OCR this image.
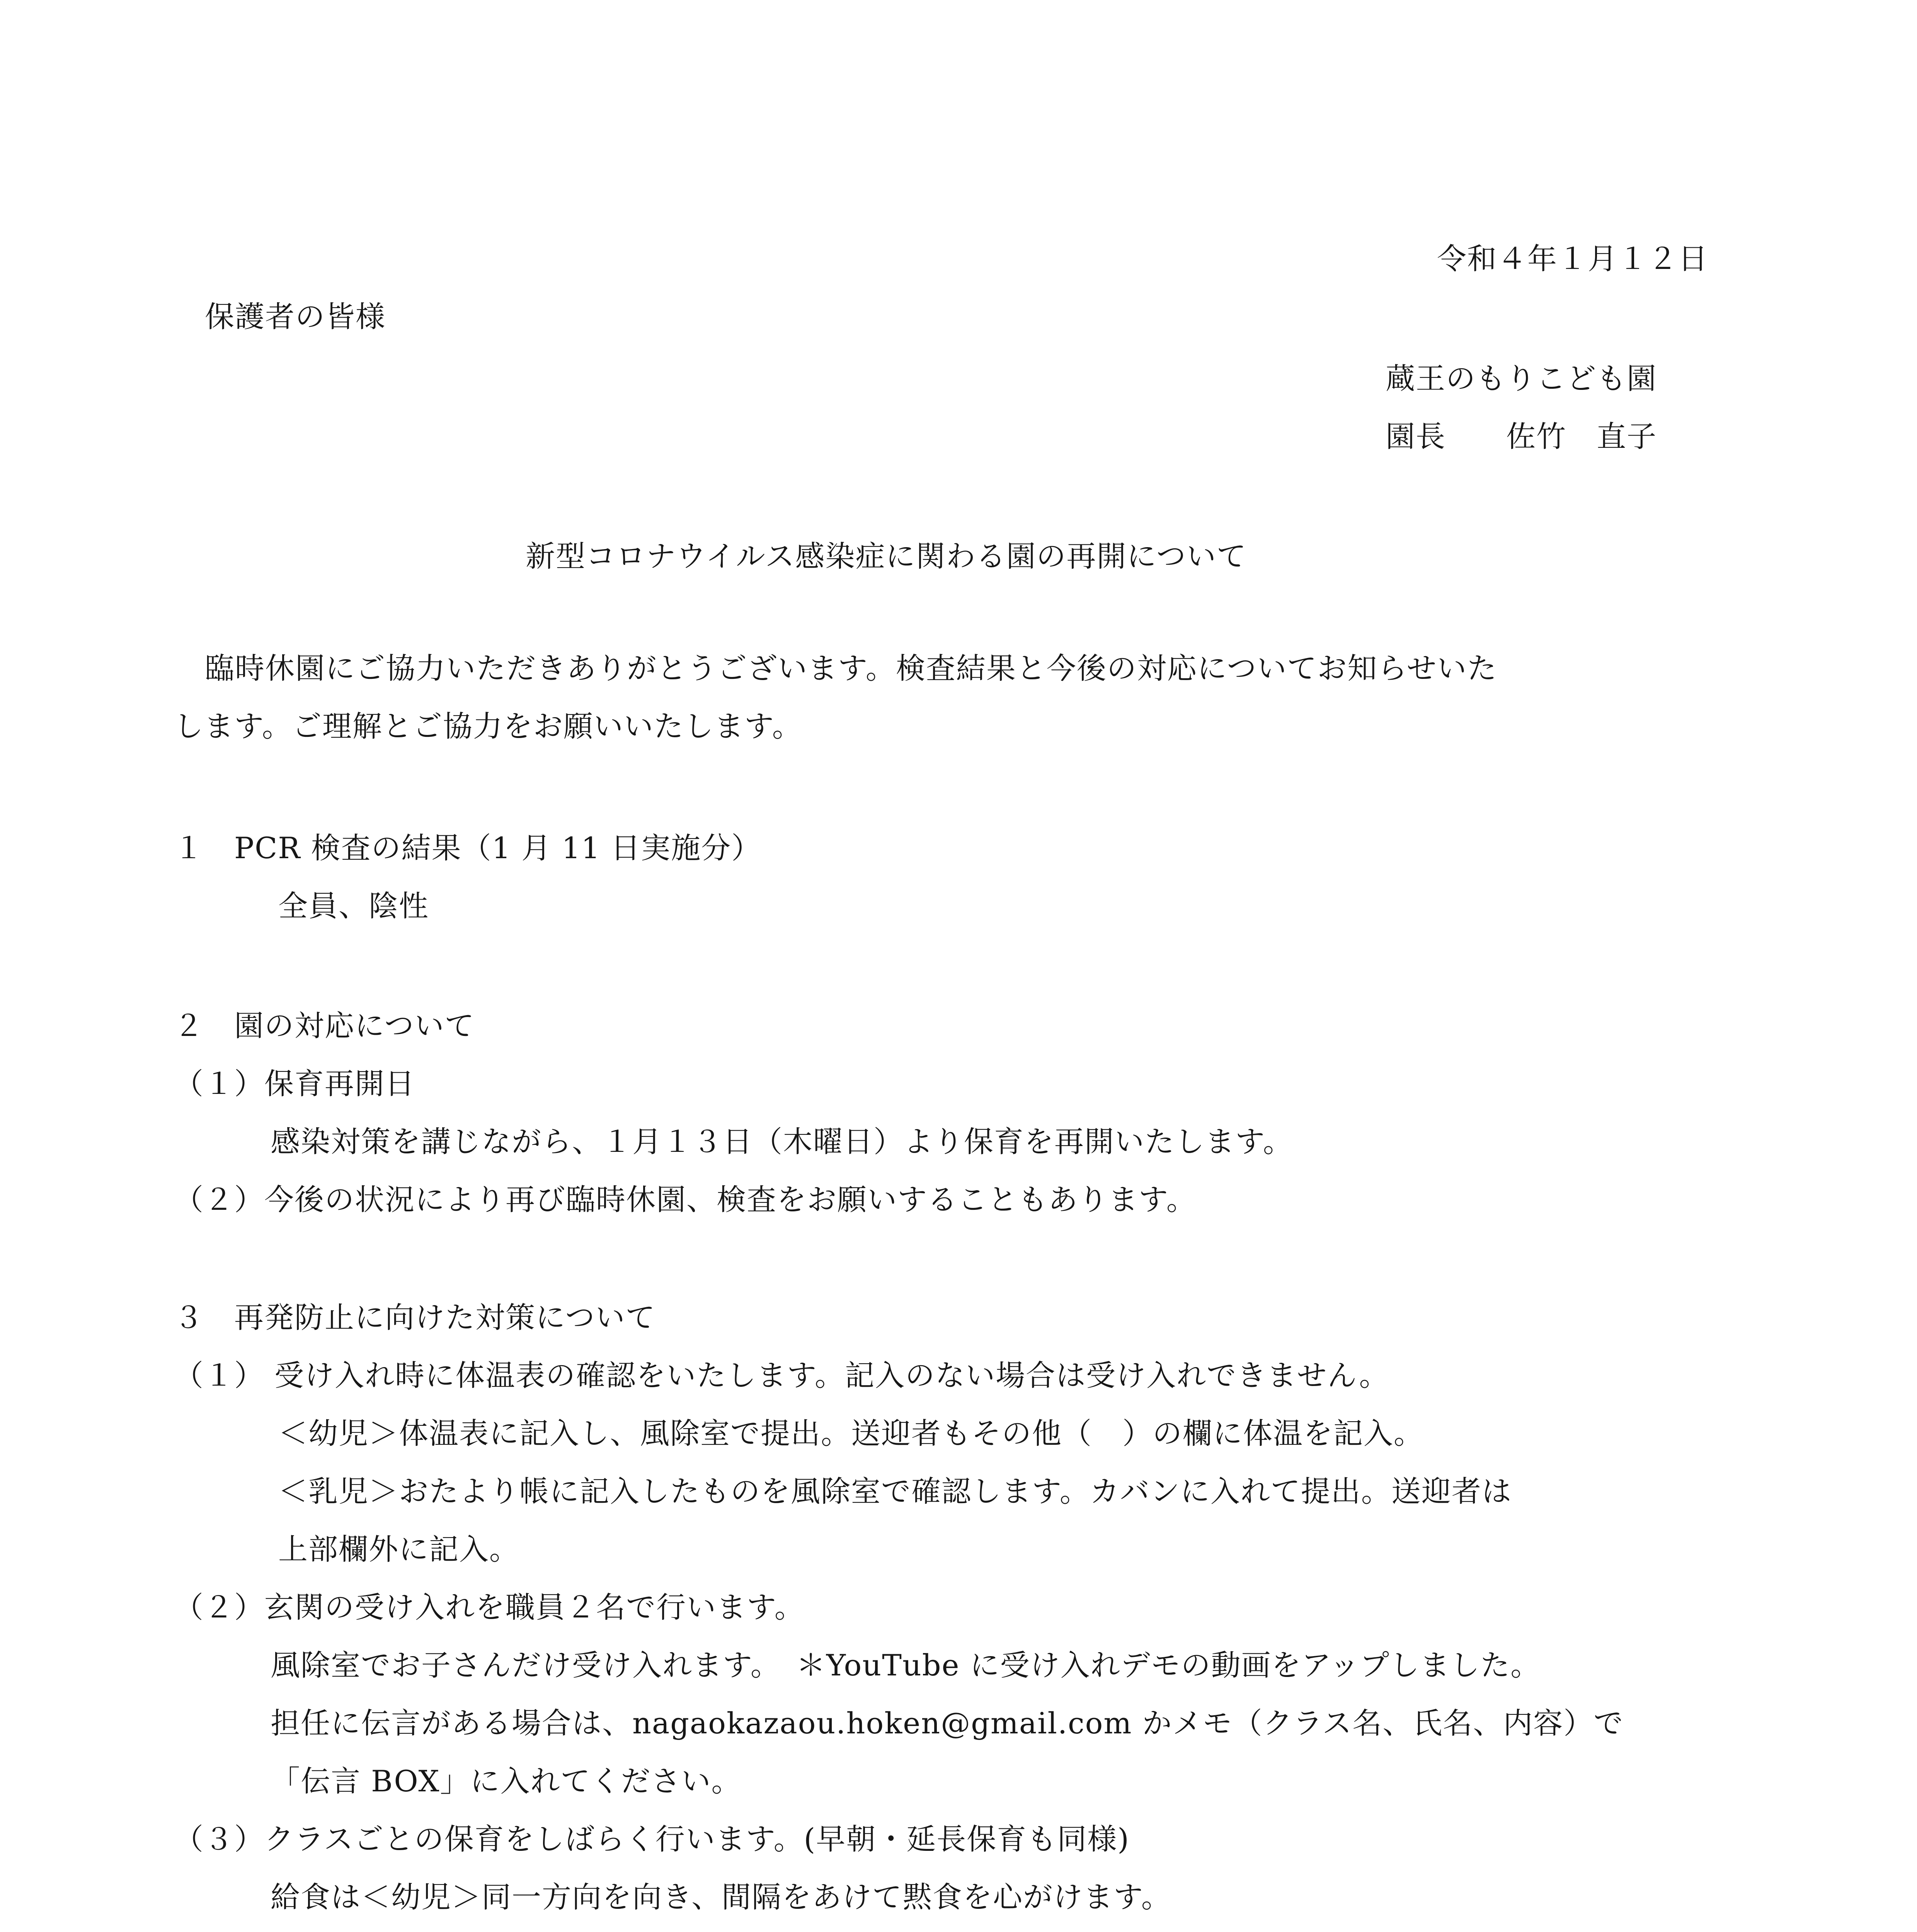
令和４年１月１２日
保護者の皆様
蔵王のもりこども園
園長　　佐竹　直子
新型コロナウイルス感染症に関わる園の再開について
臨時休園にご協力いただきありがとうございます。検査結果と今後の対応についてお知らせいた
します。ご理解とご協力をお願いいたします。
１　PCR 検査の結果（1 月 11 日実施分）
全員、陰性
２　園の対応について
（１）保育再開日
感染対策を講じながら、１月１３日（木曜日）より保育を再開いたします。
（２）今後の状況により再び臨時休園、検査をお願いすることもあります。
３　再発防止に向けた対策について
（１） 受け入れ時に体温表の確認をいたします。記入のない場合は受け入れできません。
＜幼児＞体温表に記入し、風除室で提出。送迎者もその他（　）の欄に体温を記入。
＜乳児＞おたより帳に記入したものを風除室で確認します。カバンに入れて提出。送迎者は
上部欄外に記入。
（２）玄関の受け入れを職員２名で行います。
風除室でお子さんだけ受け入れます。　＊YouTube に受け入れデモの動画をアップしました。
担任に伝言がある場合は、nagaokazaou.hoken@gmail.com かメモ（クラス名、氏名、内容）で
「伝言 BOX」に入れてください。
（３）クラスごとの保育をしばらく行います。(早朝・延長保育も同様)
給食は＜幼児＞同一方向を向き、間隔をあけて黙食を心がけます。
